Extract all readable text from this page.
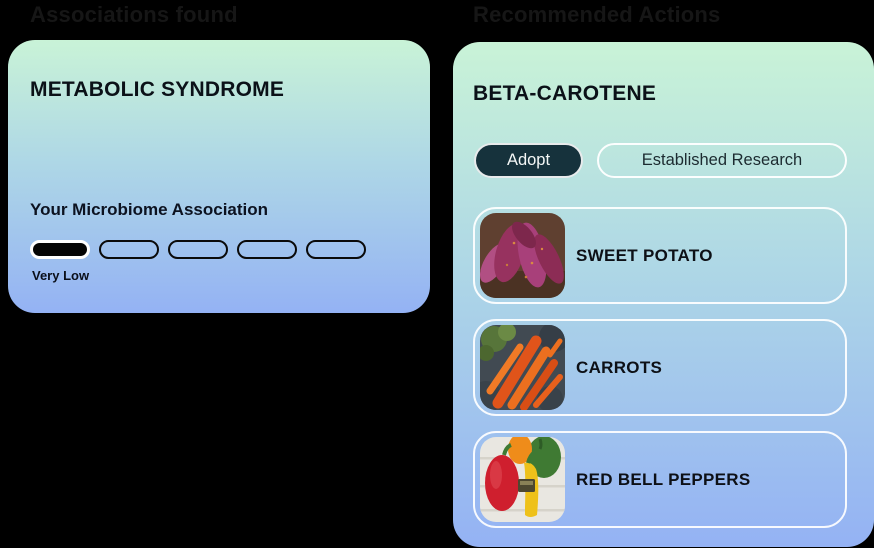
Associations found	Recommended Actions
METABOLIC SYNDROME
Your Microbiome Association
Very Low
BETA-CAROTENE
Adopt	Established Research
SWEET POTATO
CARROTS
RED BELL PEPPERS
